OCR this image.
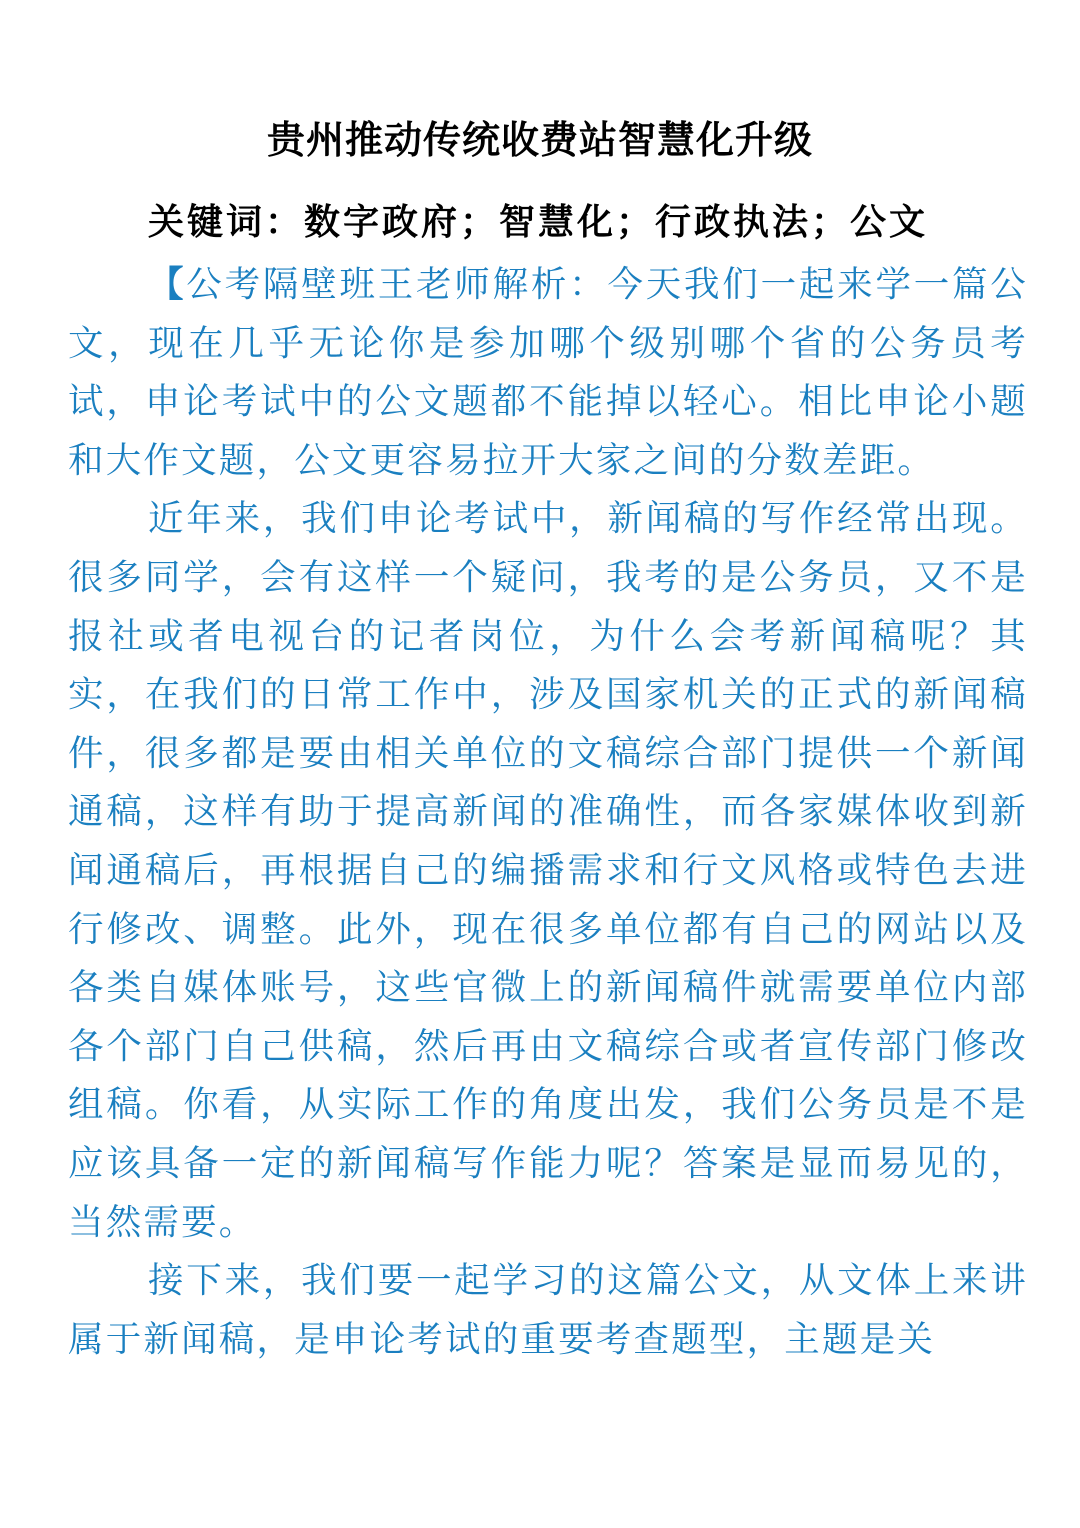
贵州推动传统收费站智慧化升级
关键词：数字政府；智慧化；行政执法；公文

【公考隔壁班王老师解析：今天我们一起来学一篇公文，现在几乎无论你是参加哪个级别哪个省的公务员考试，申论考试中的公文题都不能掉以轻心。相比申论小题和大作文题，公文更容易拉开大家之间的分数差距。

近年来，我们申论考试中，新闻稿的写作经常出现。很多同学，会有这样一个疑问，我考的是公务员，又不是报社或者电视台的记者岗位，为什么会考新闻稿呢？其实，在我们的日常工作中，涉及国家机关的正式的新闻稿件，很多都是要由相关单位的文稿综合部门提供一个新闻通稿，这样有助于提高新闻的准确性，而各家媒体收到新闻通稿后，再根据自己的编播需求和行文风格或特色去进行修改、调整。此外，现在很多单位都有自己的网站以及各类自媒体账号，这些官微上的新闻稿件就需要单位内部各个部门自己供稿，然后再由文稿综合或者宣传部门修改组稿。你看，从实际工作的角度出发，我们公务员是不是应该具备一定的新闻稿写作能力呢？答案是显而易见的，当然需要。

接下来，我们要一起学习的这篇公文，从文体上来讲属于新闻稿，是申论考试的重要考查题型，主题是关
